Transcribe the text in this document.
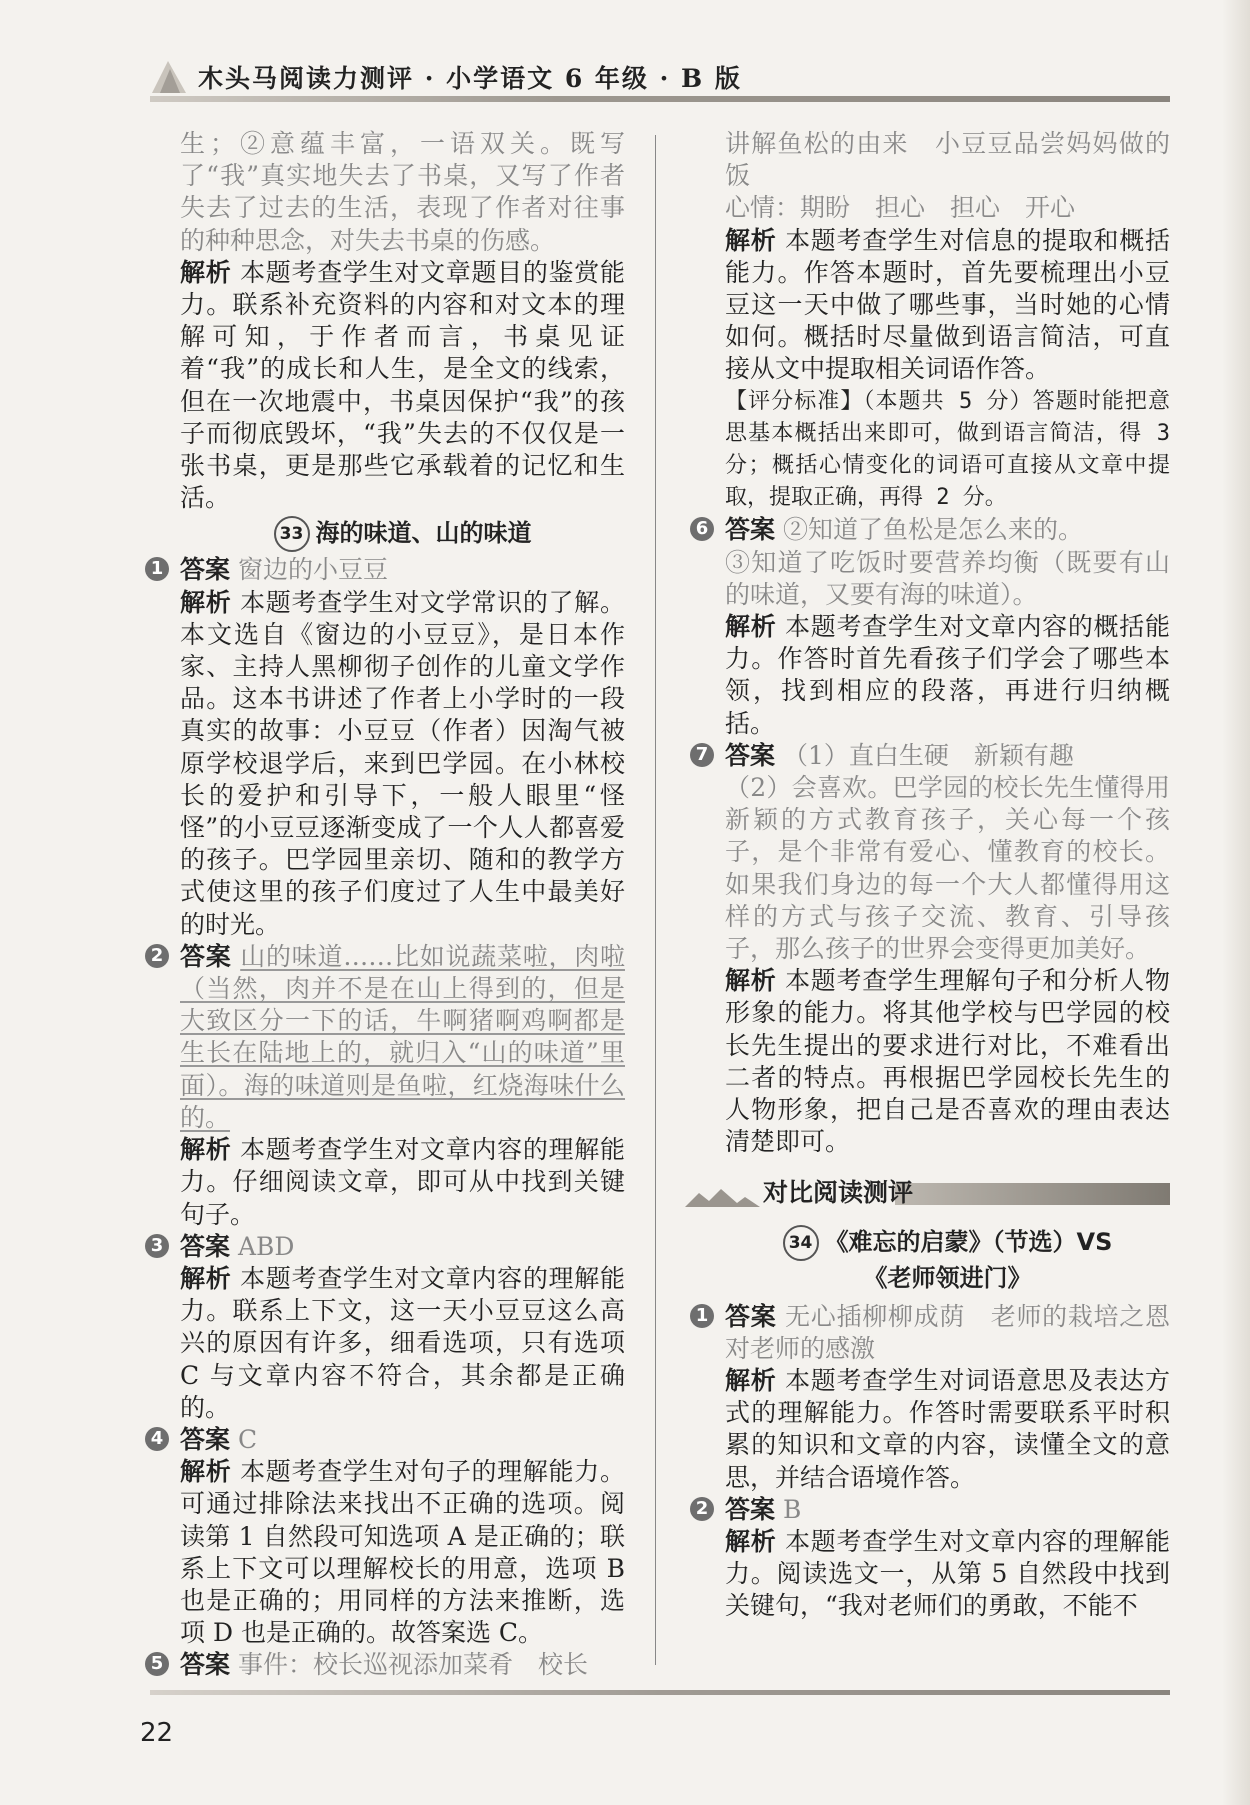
木头马阅读力测评 · 小学语文 6 年级 · B 版

生；②意蕴丰富，一语双关。既写了“我”真实地失去了书桌，又写了作者失去了过去的生活，表现了作者对往事的种种思念，对失去书桌的伤感。

解析 本题考查学生对文章题目的鉴赏能力。联系补充资料的内容和对文本的理解可知，于作者而言，书桌见证着“我”的成长和人生，是全文的线索，但在一次地震中，书桌因保护“我”的孩子而彻底毁坏，“我”失去的不仅仅是一张书桌，更是那些它承载着的记忆和生活。

33 海的味道、山的味道
1 答案 窗边的小豆豆

解析 本题考查学生对文学常识的了解。本文选自《窗边的小豆豆》，是日本作家、主持人黑柳彻子创作的儿童文学作品。这本书讲述了作者上小学时的一段真实的故事：小豆豆（作者）因淘气被原学校退学后，来到巴学园。在小林校长的爱护和引导下，一般人眼里“怪怪”的小豆豆逐渐变成了一个人人都喜爱的孩子。巴学园里亲切、随和的教学方式使这里的孩子们度过了人生中最美好的时光。

2 答案 山的味道……比如说蔬菜啦，肉啦（当然，肉并不是在山上得到的，但是大致区分一下的话，牛啊猪啊鸡啊都是生长在陆地上的，就归入“山的味道”里面）。海的味道则是鱼啦，红烧海味什么的。

解析 本题考查学生对文章内容的理解能力。仔细阅读文章，即可从中找到关键句子。

3 答案 ABD

解析 本题考查学生对文章内容的理解能力。联系上下文，这一天小豆豆这么高兴的原因有许多，细看选项，只有选项 C 与文章内容不符合，其余都是正确的。

4 答案 C

解析 本题考查学生对句子的理解能力。可通过排除法来找出不正确的选项。阅读第 1 自然段可知选项 A 是正确的；联系上下文可以理解校长的用意，选项 B 也是正确的；用同样的方法来推断，选项 D 也是正确的。故答案选 C。

5 答案 事件：校长巡视添加菜肴　校长

讲解鱼松的由来　小豆豆品尝妈妈做的饭

心情：期盼　担心　担心　开心

解析 本题考查学生对信息的提取和概括能力。作答本题时，首先要梳理出小豆豆这一天中做了哪些事，当时她的心情如何。概括时尽量做到语言简洁，可直接从文中提取相关词语作答。

【评分标准】（本题共 5 分）答题时能把意思基本概括出来即可，做到语言简洁，得 3 分；概括心情变化的词语可直接从文章中提取，提取正确，再得 2 分。

6 答案 ②知道了鱼松是怎么来的。

③知道了吃饭时要营养均衡（既要有山的味道，又要有海的味道）。

解析 本题考查学生对文章内容的概括能力。作答时首先看孩子们学会了哪些本领，找到相应的段落，再进行归纳概括。

7 答案 （1）直白生硬　新颖有趣

（2）会喜欢。巴学园的校长先生懂得用新颖的方式教育孩子，关心每一个孩子，是个非常有爱心、懂教育的校长。如果我们身边的每一个大人都懂得用这样的方式与孩子交流、教育、引导孩子，那么孩子的世界会变得更加美好。

解析 本题考查学生理解句子和分析人物形象的能力。将其他学校与巴学园的校长先生提出的要求进行对比，不难看出二者的特点。再根据巴学园校长先生的人物形象，把自己是否喜欢的理由表达清楚即可。

对比阅读测评
34 《难忘的启蒙》（节选）VS
《老师领进门》
1 答案 无心插柳柳成荫　老师的栽培之恩　对老师的感激

解析 本题考查学生对词语意思及表达方式的理解能力。作答时需要联系平时积累的知识和文章的内容，读懂全文的意思，并结合语境作答。

2 答案 B

解析 本题考查学生对文章内容的理解能力。阅读选文一，从第 5 自然段中找到关键句，“我对老师们的勇敢，不能不

22
